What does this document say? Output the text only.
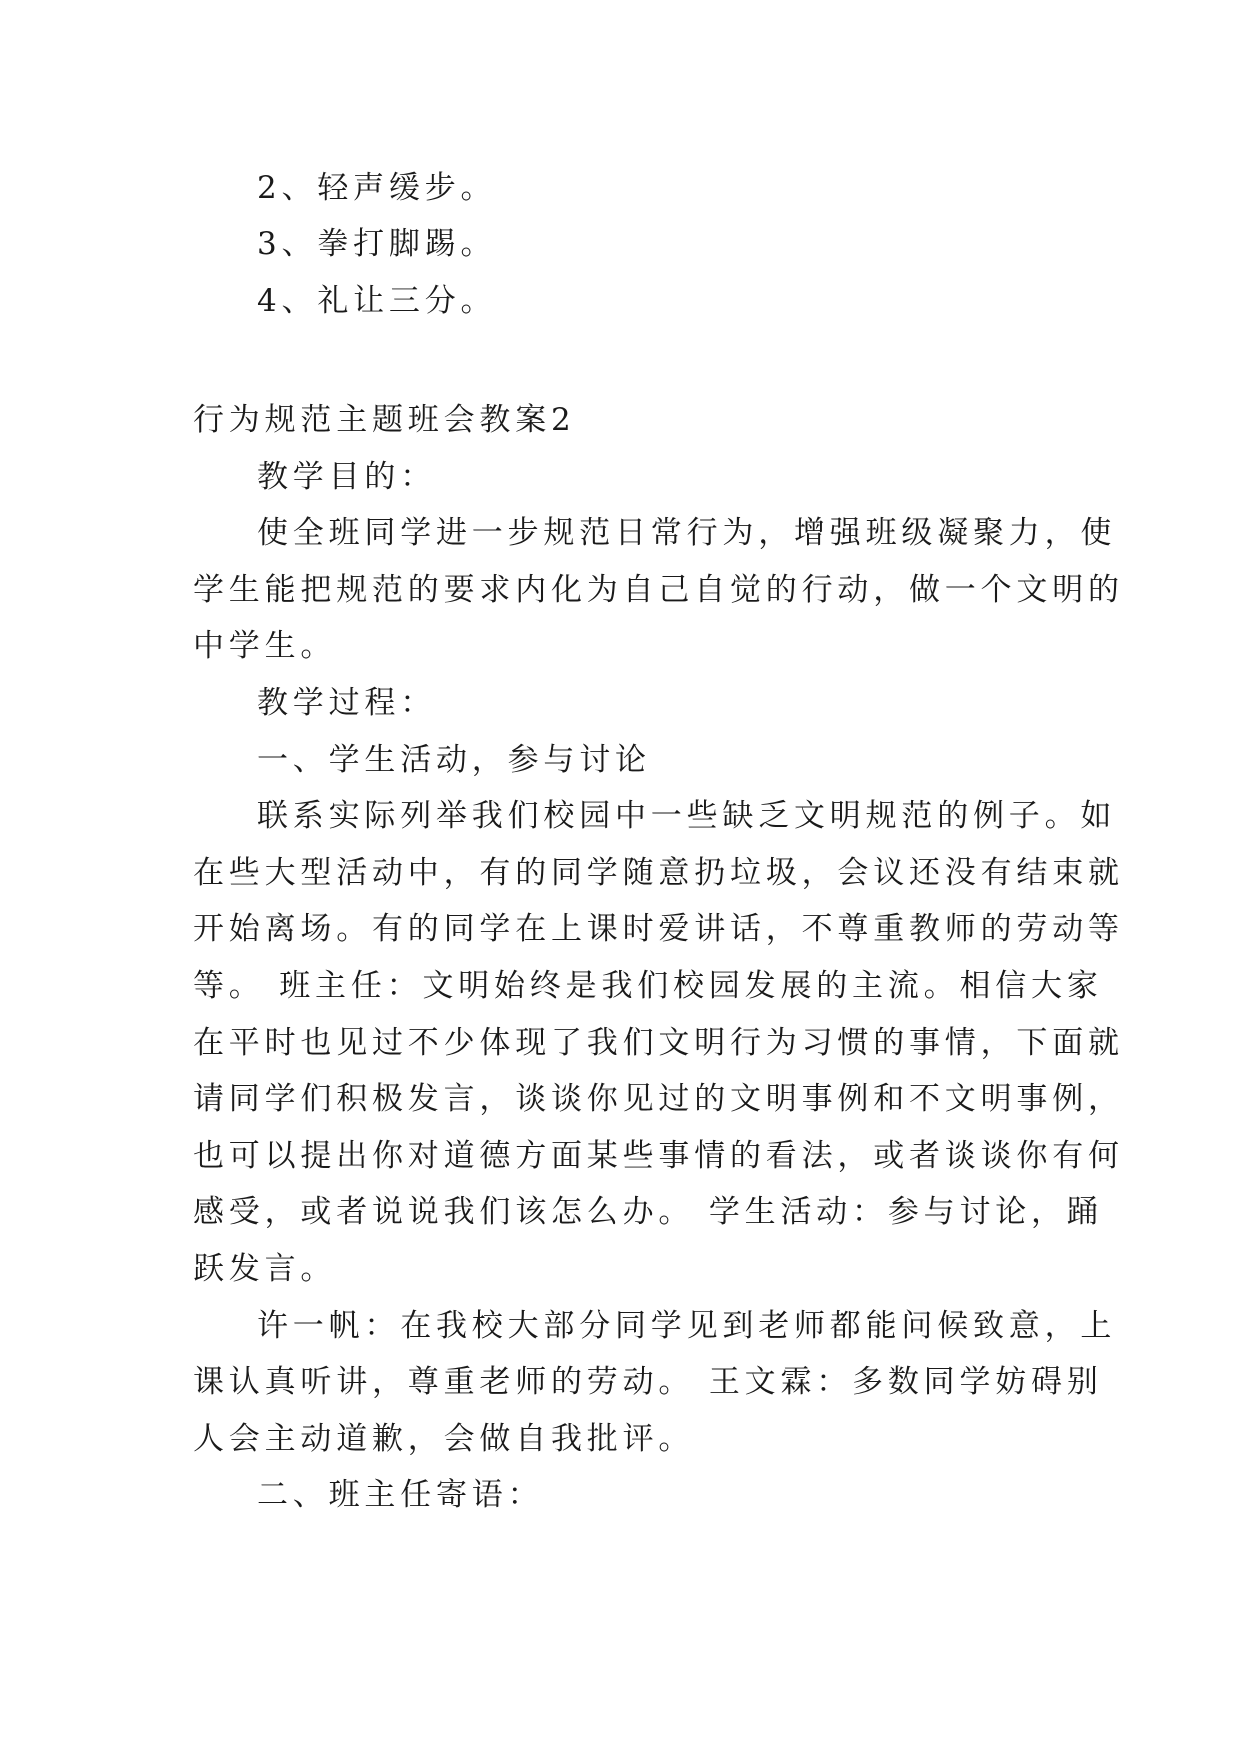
2、轻声缓步。
3、拳打脚踢。
4、礼让三分。
行为规范主题班会教案2
教学目的：
使全班同学进一步规范日常行为，增强班级凝聚力，使
学生能把规范的要求内化为自己自觉的行动，做一个文明的
中学生。
教学过程：
一、学生活动，参与讨论
联系实际列举我们校园中一些缺乏文明规范的例子。如
在些大型活动中，有的同学随意扔垃圾，会议还没有结束就
开始离场。有的同学在上课时爱讲话，不尊重教师的劳动等
等。 班主任：文明始终是我们校园发展的主流。相信大家
在平时也见过不少体现了我们文明行为习惯的事情，下面就
请同学们积极发言，谈谈你见过的文明事例和不文明事例，
也可以提出你对道德方面某些事情的看法，或者谈谈你有何
感受，或者说说我们该怎么办。 学生活动：参与讨论，踊
跃发言。
许一帆：在我校大部分同学见到老师都能问候致意，上
课认真听讲，尊重老师的劳动。 王文霖：多数同学妨碍别
人会主动道歉，会做自我批评。
二、班主任寄语：
